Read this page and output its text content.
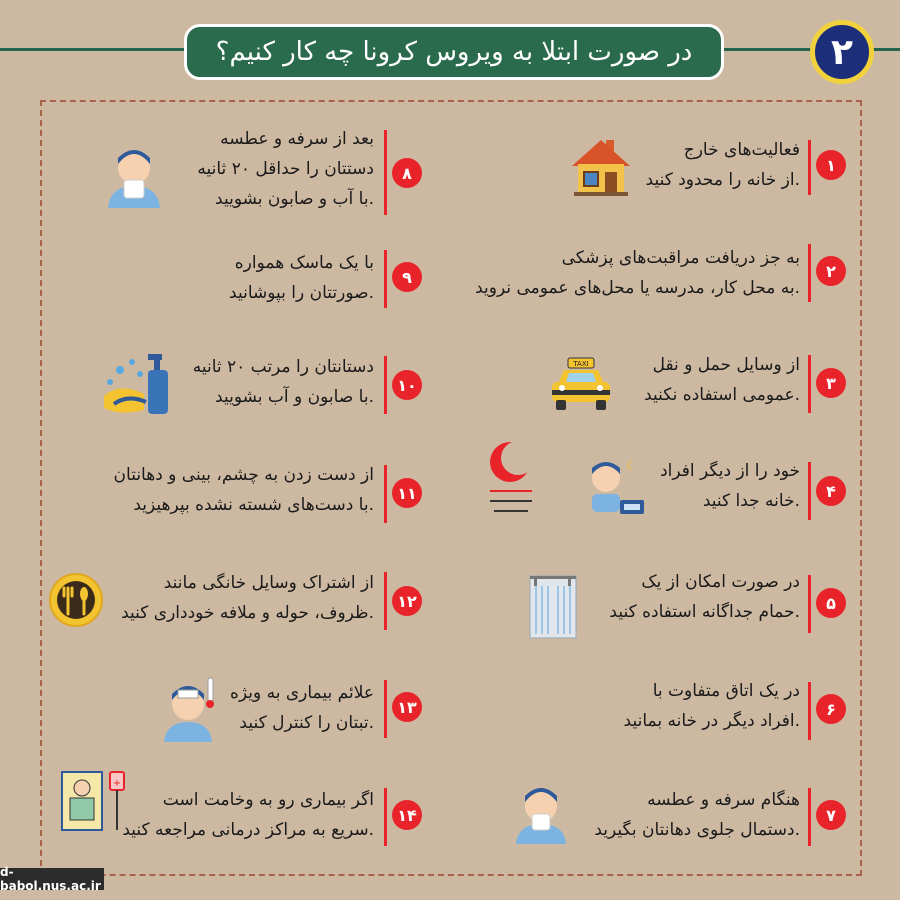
در صورت ابتلا به ویروس کرونا چه کار کنیم؟	۲
۱
فعالیت‌های خارج
از خانه را محدود کنید.
۲
به جز دریافت مراقبت‌های پزشکی
به محل کار، مدرسه یا محل‌های عمومی نروید.
۳
از وسایل حمل و نقل
عمومی استفاده نکنید.
۴
خود را از دیگر افراد
خانه جدا کنید.
۵
در صورت امکان از یک
حمام جداگانه استفاده کنید.
۶
در یک اتاق متفاوت با
افراد دیگر در خانه بمانید.
۷
هنگام سرفه و عطسه
دستمال جلوی دهانتان بگیرید.
۸
بعد از سرفه و عطسه
دستتان را حداقل ۲۰ ثانیه
با آب و صابون بشویید.
۹
با یک ماسک همواره
صورتتان را بپوشانید.
۱۰
دستانتان را مرتب ۲۰ ثانیه
با صابون و آب بشویید.
۱۱
از دست زدن به چشم، بینی و دهانتان
با دست‌های شسته نشده بپرهیزید.
۱۲
از اشتراک وسایل خانگی مانند
ظروف، حوله و ملافه خودداری کنید.
۱۳
علائم بیماری به ویژه
تبتان را کنترل کنید.
۱۴
اگر بیماری رو به وخامت است
سریع به مراکز درمانی مراجعه کنید.
TAXI
☾
+
d-babol.nus.ac.ir
